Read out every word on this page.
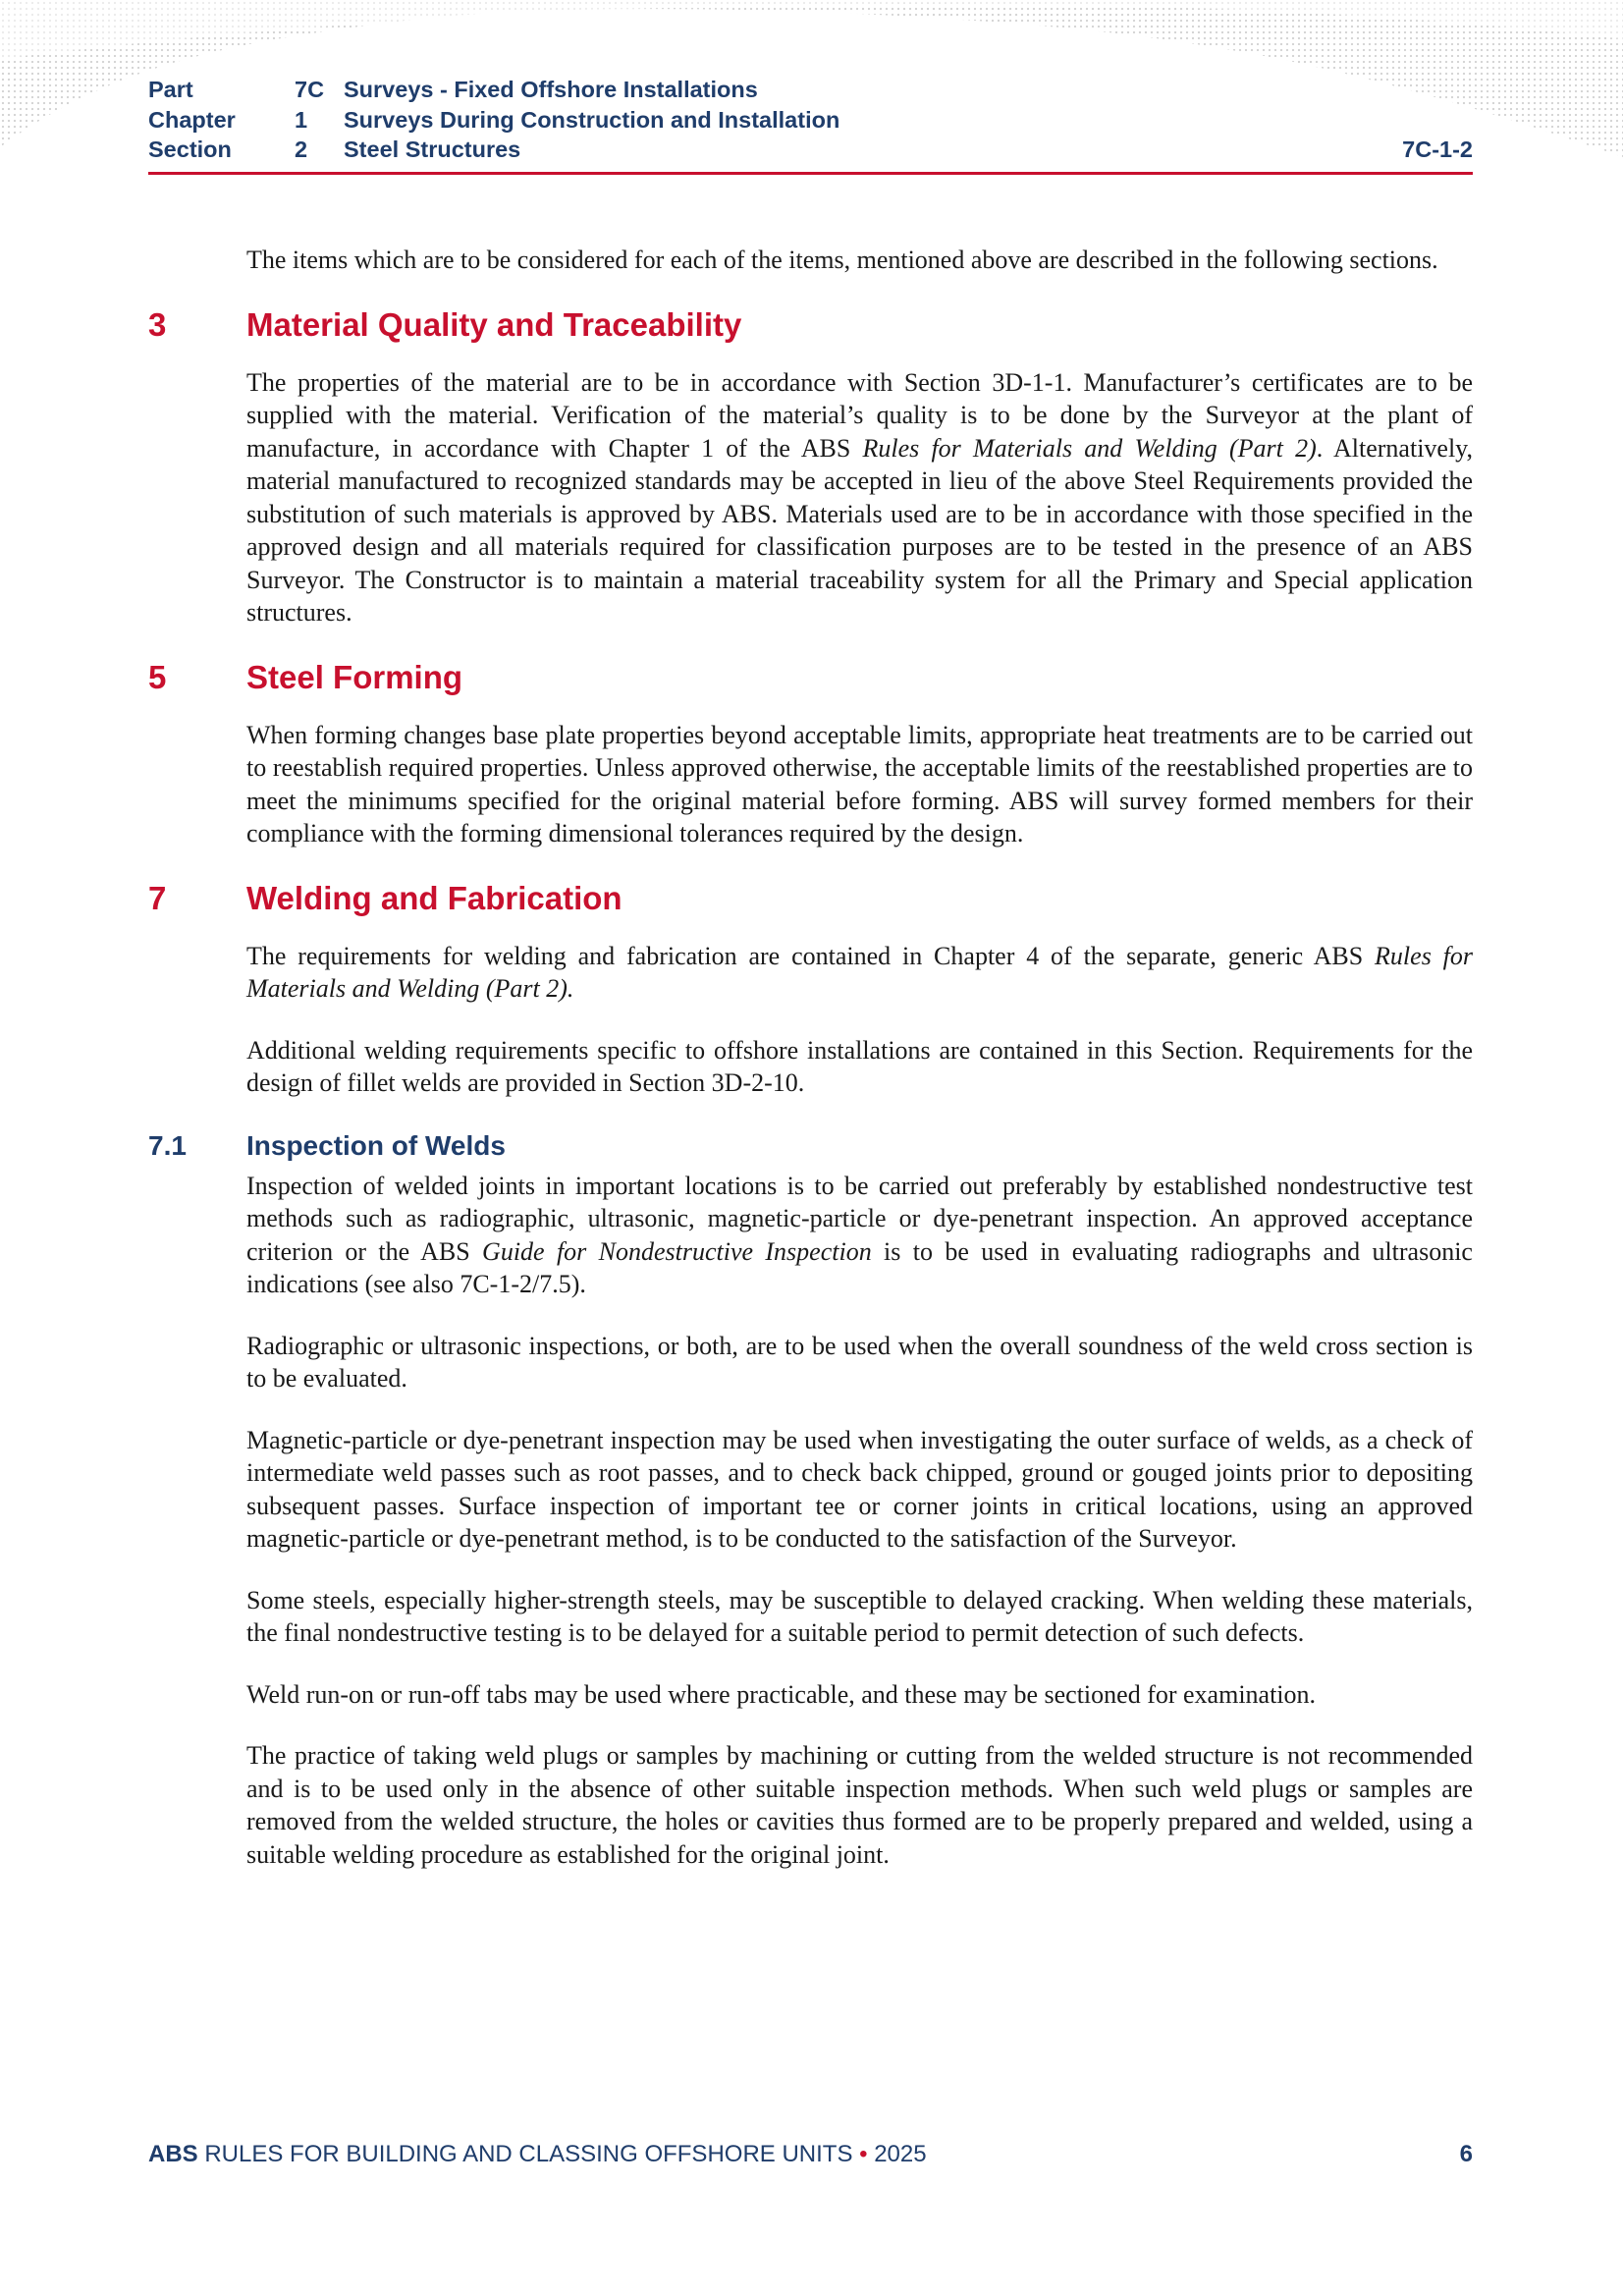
Part	7C Surveys - Fixed Offshore Installations
Chapter	1	Surveys During Construction and Installation
Section	2	Steel Structures	7C-1-2

The items which are to be considered for each of the items, mentioned above are described in the following sections.

3	Material Quality and Traceability

The properties of the material are to be in accordance with Section 3D-1-1. Manufacturer’s certificates are to be supplied with the material. Verification of the material’s quality is to be done by the Surveyor at the plant of manufacture, in accordance with Chapter 1 of the ABS Rules for Materials and Welding (Part 2). Alternatively, material manufactured to recognized standards may be accepted in lieu of the above Steel Requirements provided the substitution of such materials is approved by ABS. Materials used are to be in accordance with those specified in the approved design and all materials required for classification purposes are to be tested in the presence of an ABS Surveyor. The Constructor is to maintain a material traceability system for all the Primary and Special application structures.

5	Steel Forming

When forming changes base plate properties beyond acceptable limits, appropriate heat treatments are to be carried out to reestablish required properties. Unless approved otherwise, the acceptable limits of the reestablished properties are to meet the minimums specified for the original material before forming. ABS will survey formed members for their compliance with the forming dimensional tolerances required by the design.

7	Welding and Fabrication

The requirements for welding and fabrication are contained in Chapter 4 of the separate, generic ABS Rules for Materials and Welding (Part 2).

Additional welding requirements specific to offshore installations are contained in this Section. Requirements for the design of fillet welds are provided in Section 3D-2-10.

7.1	Inspection of Welds

Inspection of welded joints in important locations is to be carried out preferably by established nondestructive test methods such as radiographic, ultrasonic, magnetic-particle or dye-penetrant inspection. An approved acceptance criterion or the ABS Guide for Nondestructive Inspection is to be used in evaluating radiographs and ultrasonic indications (see also 7C-1-2/7.5).

Radiographic or ultrasonic inspections, or both, are to be used when the overall soundness of the weld cross section is to be evaluated.

Magnetic-particle or dye-penetrant inspection may be used when investigating the outer surface of welds, as a check of intermediate weld passes such as root passes, and to check back chipped, ground or gouged joints prior to depositing subsequent passes. Surface inspection of important tee or corner joints in critical locations, using an approved magnetic-particle or dye-penetrant method, is to be conducted to the satisfaction of the Surveyor.

Some steels, especially higher-strength steels, may be susceptible to delayed cracking. When welding these materials, the final nondestructive testing is to be delayed for a suitable period to permit detection of such defects.

Weld run-on or run-off tabs may be used where practicable, and these may be sectioned for examination.

The practice of taking weld plugs or samples by machining or cutting from the welded structure is not recommended and is to be used only in the absence of other suitable inspection methods. When such weld plugs or samples are removed from the welded structure, the holes or cavities thus formed are to be properly prepared and welded, using a suitable welding procedure as established for the original joint.

ABS RULES FOR BUILDING AND CLASSING OFFSHORE UNITS • 2025	6
